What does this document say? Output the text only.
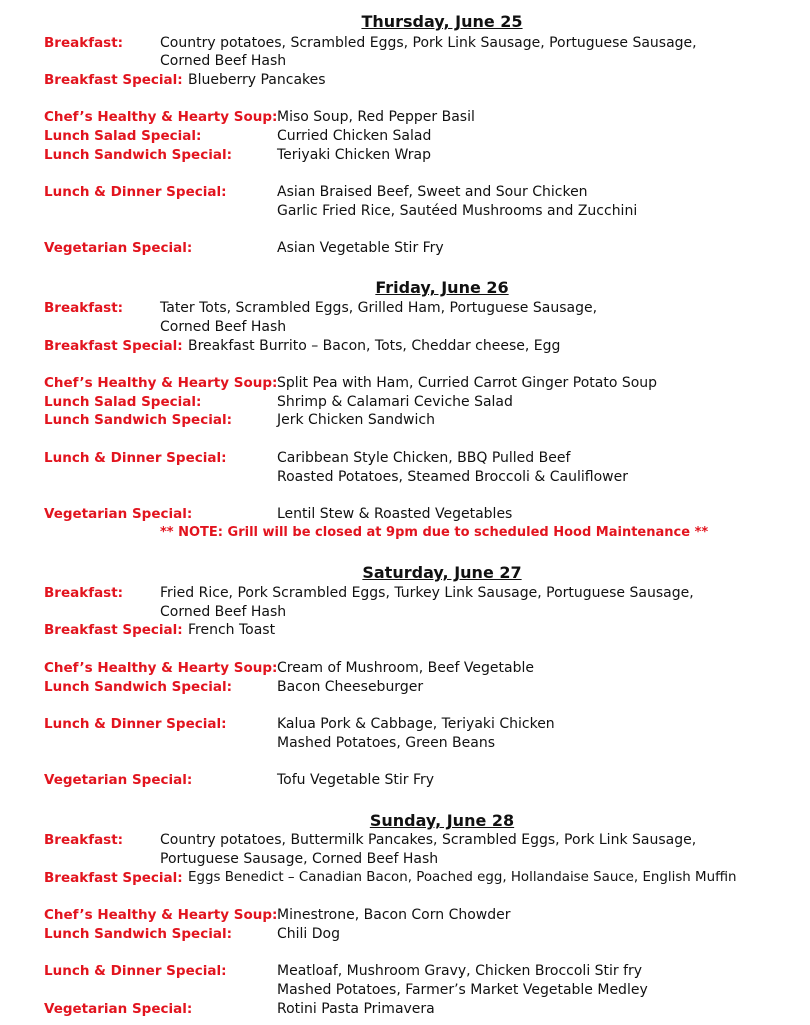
Thursday, June 25
Breakfast:	Country potatoes, Scrambled Eggs, Pork Link Sausage, Portuguese Sausage,
Corned Beef Hash
Breakfast Special: Blueberry Pancakes
Chef’s Healthy & Hearty Soup: Miso Soup, Red Pepper Basil
Lunch Salad Special:	Curried Chicken Salad
Lunch Sandwich Special:	Teriyaki Chicken Wrap
Lunch & Dinner Special:	Asian Braised Beef, Sweet and Sour Chicken
Garlic Fried Rice, Sautéed Mushrooms and Zucchini
Vegetarian Special:	Asian Vegetable Stir Fry
Friday, June 26
Breakfast:	Tater Tots, Scrambled Eggs, Grilled Ham, Portuguese Sausage,
Corned Beef Hash
Breakfast Special: Breakfast Burrito – Bacon, Tots, Cheddar cheese, Egg
Chef’s Healthy & Hearty Soup: Split Pea with Ham, Curried Carrot Ginger Potato Soup
Lunch Salad Special:	Shrimp & Calamari Ceviche Salad
Lunch Sandwich Special:	Jerk Chicken Sandwich
Lunch & Dinner Special:	Caribbean Style Chicken, BBQ Pulled Beef
Roasted Potatoes, Steamed Broccoli & Cauliflower
Vegetarian Special:	Lentil Stew & Roasted Vegetables
** NOTE: Grill will be closed at 9pm due to scheduled Hood Maintenance **
Saturday, June 27
Breakfast:	Fried Rice, Pork Scrambled Eggs, Turkey Link Sausage, Portuguese Sausage,
Corned Beef Hash
Breakfast Special: French Toast
Chef’s Healthy & Hearty Soup: Cream of Mushroom, Beef Vegetable
Lunch Sandwich Special:	Bacon Cheeseburger
Lunch & Dinner Special:	Kalua Pork & Cabbage, Teriyaki Chicken
Mashed Potatoes, Green Beans
Vegetarian Special:	Tofu Vegetable Stir Fry
Sunday, June 28
Breakfast:	Country potatoes, Buttermilk Pancakes, Scrambled Eggs, Pork Link Sausage,
Portuguese Sausage, Corned Beef Hash
Breakfast Special: Eggs Benedict – Canadian Bacon, Poached egg, Hollandaise Sauce, English Muffin
Chef’s Healthy & Hearty Soup: Minestrone, Bacon Corn Chowder
Lunch Sandwich Special:	Chili Dog
Lunch & Dinner Special:	Meatloaf, Mushroom Gravy, Chicken Broccoli Stir fry
Mashed Potatoes, Farmer’s Market Vegetable Medley
Vegetarian Special:	Rotini Pasta Primavera
